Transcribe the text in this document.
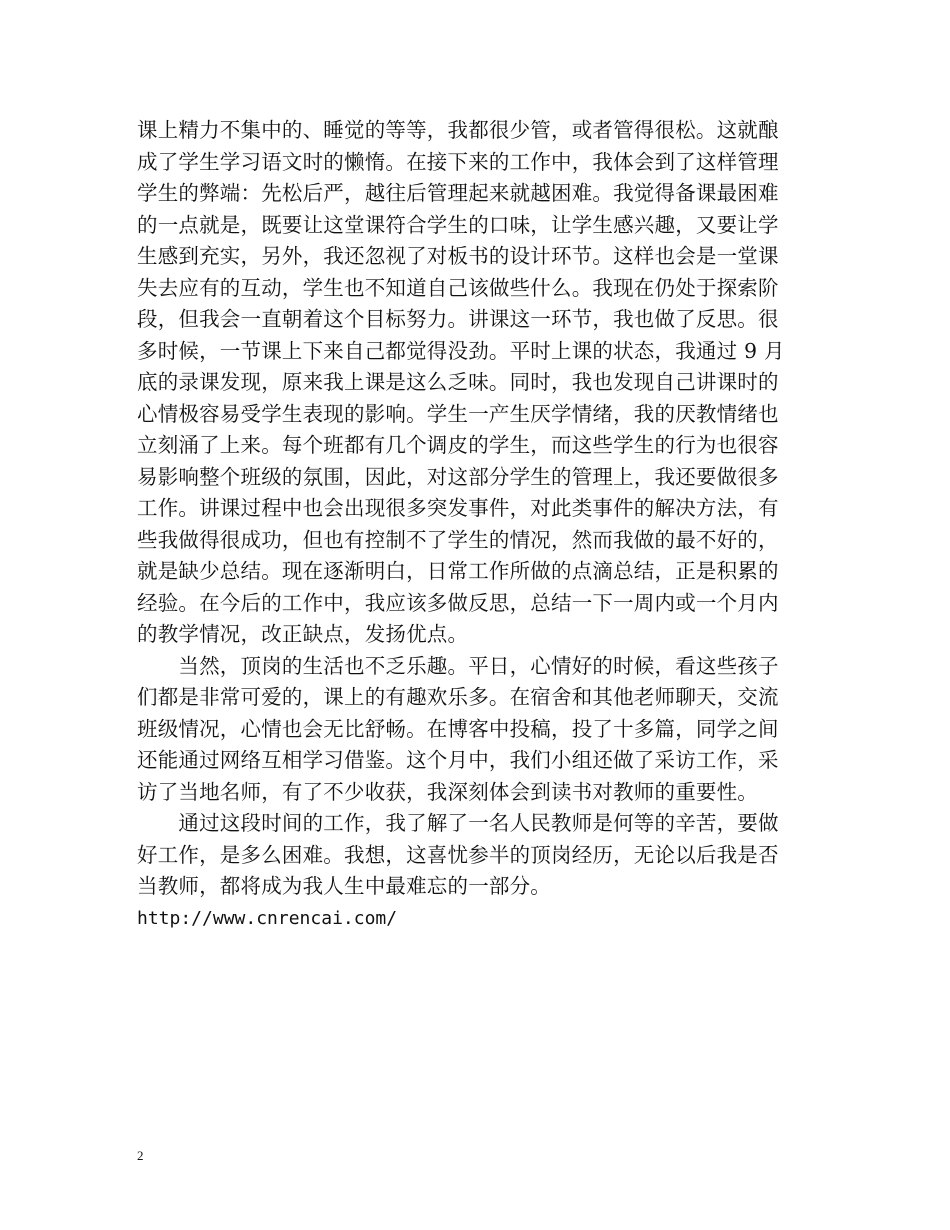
课上精力不集中的、睡觉的等等，我都很少管，或者管得很松。这就酿
成了学生学习语文时的懒惰。在接下来的工作中，我体会到了这样管理
学生的弊端：先松后严，越往后管理起来就越困难。我觉得备课最困难
的一点就是，既要让这堂课符合学生的口味，让学生感兴趣，又要让学
生感到充实，另外，我还忽视了对板书的设计环节。这样也会是一堂课
失去应有的互动，学生也不知道自己该做些什么。我现在仍处于探索阶
段，但我会一直朝着这个目标努力。讲课这一环节，我也做了反思。很
多时候，一节课上下来自己都觉得没劲。平时上课的状态，我通过 9 月
底的录课发现，原来我上课是这么乏味。同时，我也发现自己讲课时的
心情极容易受学生表现的影响。学生一产生厌学情绪，我的厌教情绪也
立刻涌了上来。每个班都有几个调皮的学生，而这些学生的行为也很容
易影响整个班级的氛围，因此，对这部分学生的管理上，我还要做很多
工作。讲课过程中也会出现很多突发事件，对此类事件的解决方法，有
些我做得很成功，但也有控制不了学生的情况，然而我做的最不好的，
就是缺少总结。现在逐渐明白，日常工作所做的点滴总结，正是积累的
经验。在今后的工作中，我应该多做反思，总结一下一周内或一个月内
的教学情况，改正缺点，发扬优点。
　　当然，顶岗的生活也不乏乐趣。平日，心情好的时候，看这些孩子
们都是非常可爱的，课上的有趣欢乐多。在宿舍和其他老师聊天，交流
班级情况，心情也会无比舒畅。在博客中投稿，投了十多篇，同学之间
还能通过网络互相学习借鉴。这个月中，我们小组还做了采访工作，采
访了当地名师，有了不少收获，我深刻体会到读书对教师的重要性。
　　通过这段时间的工作，我了解了一名人民教师是何等的辛苦，要做
好工作，是多么困难。我想，这喜忧参半的顶岗经历，无论以后我是否
当教师，都将成为我人生中最难忘的一部分。
http://www.cnrencai.com/
2
